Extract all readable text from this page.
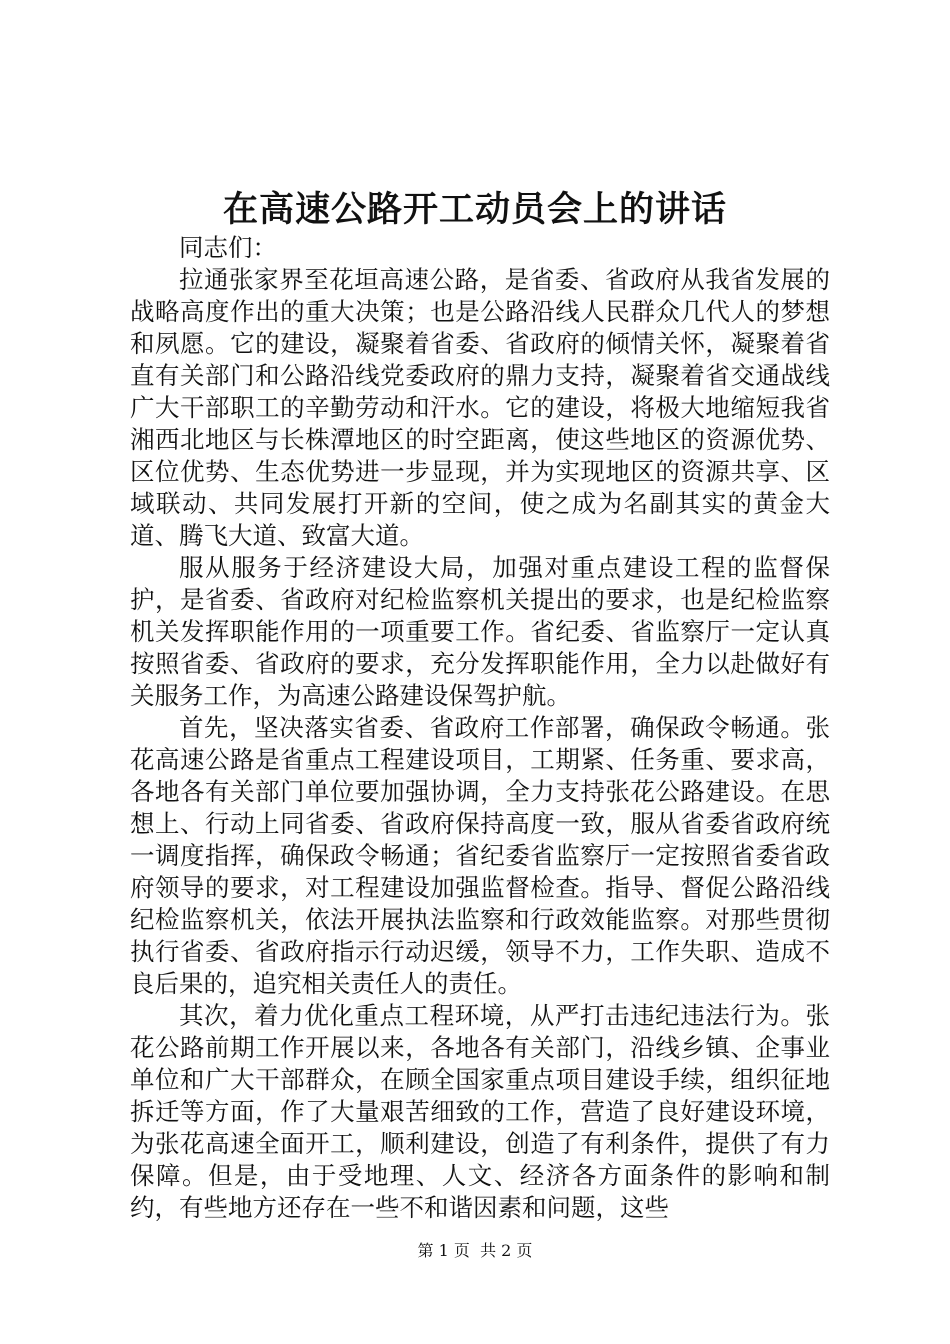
在高速公路开工动员会上的讲话

同志们：

拉通张家界至花垣高速公路，是省委、省政府从我省发展的战略高度作出的重大决策；也是公路沿线人民群众几代人的梦想和夙愿。它的建设，凝聚着省委、省政府的倾情关怀，凝聚着省直有关部门和公路沿线党委政府的鼎力支持，凝聚着省交通战线广大干部职工的辛勤劳动和汗水。它的建设，将极大地缩短我省湘西北地区与长株潭地区的时空距离，使这些地区的资源优势、区位优势、生态优势进一步显现，并为实现地区的资源共享、区域联动、共同发展打开新的空间，使之成为名副其实的黄金大道、腾飞大道、致富大道。

服从服务于经济建设大局，加强对重点建设工程的监督保护，是省委、省政府对纪检监察机关提出的要求，也是纪检监察机关发挥职能作用的一项重要工作。省纪委、省监察厅一定认真按照省委、省政府的要求，充分发挥职能作用，全力以赴做好有关服务工作，为高速公路建设保驾护航。

首先，坚决落实省委、省政府工作部署，确保政令畅通。张花高速公路是省重点工程建设项目，工期紧、任务重、要求高，各地各有关部门单位要加强协调，全力支持张花公路建设。在思想上、行动上同省委、省政府保持高度一致，服从省委省政府统一调度指挥，确保政令畅通；省纪委省监察厅一定按照省委省政府领导的要求，对工程建设加强监督检查。指导、督促公路沿线纪检监察机关，依法开展执法监察和行政效能监察。对那些贯彻执行省委、省政府指示行动迟缓，领导不力，工作失职、造成不良后果的，追究相关责任人的责任。

其次，着力优化重点工程环境，从严打击违纪违法行为。张花公路前期工作开展以来，各地各有关部门，沿线乡镇、企事业单位和广大干部群众，在顾全国家重点项目建设手续，组织征地拆迁等方面，作了大量艰苦细致的工作，营造了良好建设环境，为张花高速全面开工，顺利建设，创造了有利条件，提供了有力保障。但是，由于受地理、人文、经济各方面条件的影响和制约，有些地方还存在一些不和谐因素和问题，这些

第 1 页 共 2 页
